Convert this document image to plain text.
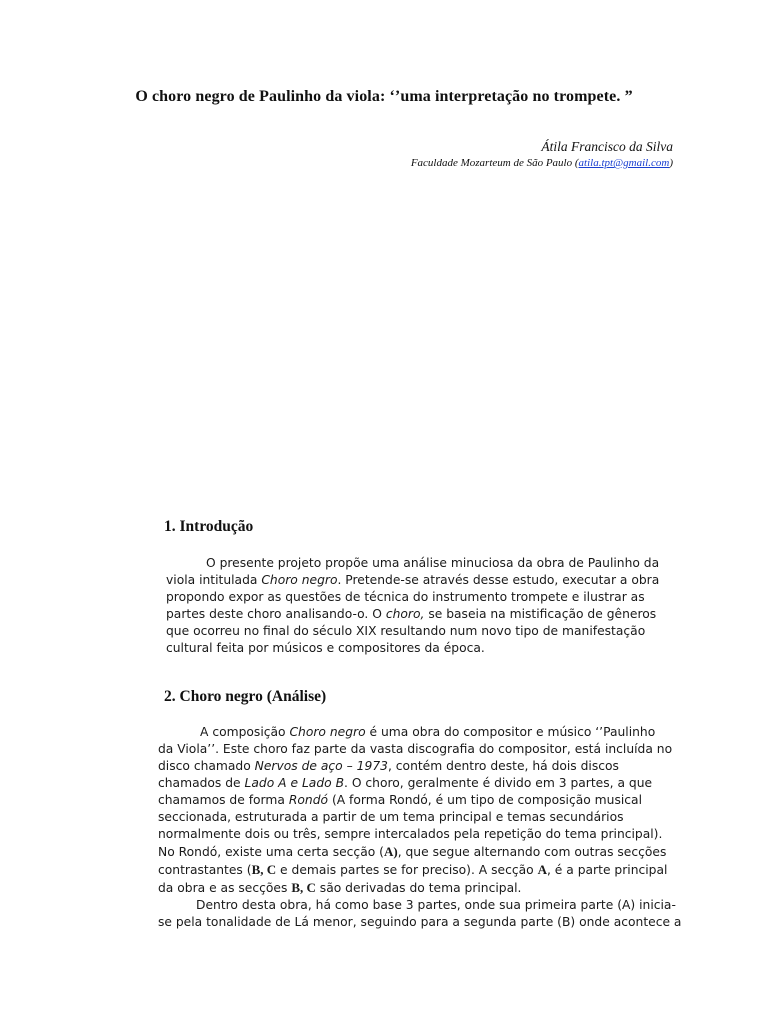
O choro negro de Paulinho da viola: ‘’uma interpretação no trompete. ”

Átila Francisco da Silva

Faculdade Mozarteum de São Paulo (atila.tpt@gmail.com)

1. Introdução

O presente projeto propõe uma análise minuciosa da obra de Paulinho da
viola intitulada Choro negro. Pretende-se através desse estudo, executar a obra
propondo expor as questões de técnica do instrumento trompete e ilustrar as
partes deste choro analisando-o. O choro, se baseia na mistificação de gêneros
que ocorreu no final do século XIX resultando num novo tipo de manifestação
cultural feita por músicos e compositores da época.

2. Choro negro (Análise)

A composição Choro negro é uma obra do compositor e músico ‘’Paulinho
da Viola’’. Este choro faz parte da vasta discografia do compositor, está incluída no
disco chamado Nervos de aço – 1973, contém dentro deste, há dois discos
chamados de Lado A e Lado B. O choro, geralmente é divido em 3 partes, a que
chamamos de forma Rondó (A forma Rondó, é um tipo de composição musical
seccionada, estruturada a partir de um tema principal e temas secundários
normalmente dois ou três, sempre intercalados pela repetição do tema principal).
No Rondó, existe uma certa secção (A), que segue alternando com outras secções
contrastantes (B, C e demais partes se for preciso). A secção A, é a parte principal
da obra e as secções B, C são derivadas do tema principal.
Dentro desta obra, há como base 3 partes, onde sua primeira parte (A) inicia-
se pela tonalidade de Lá menor, seguindo para a segunda parte (B) onde acontece a
